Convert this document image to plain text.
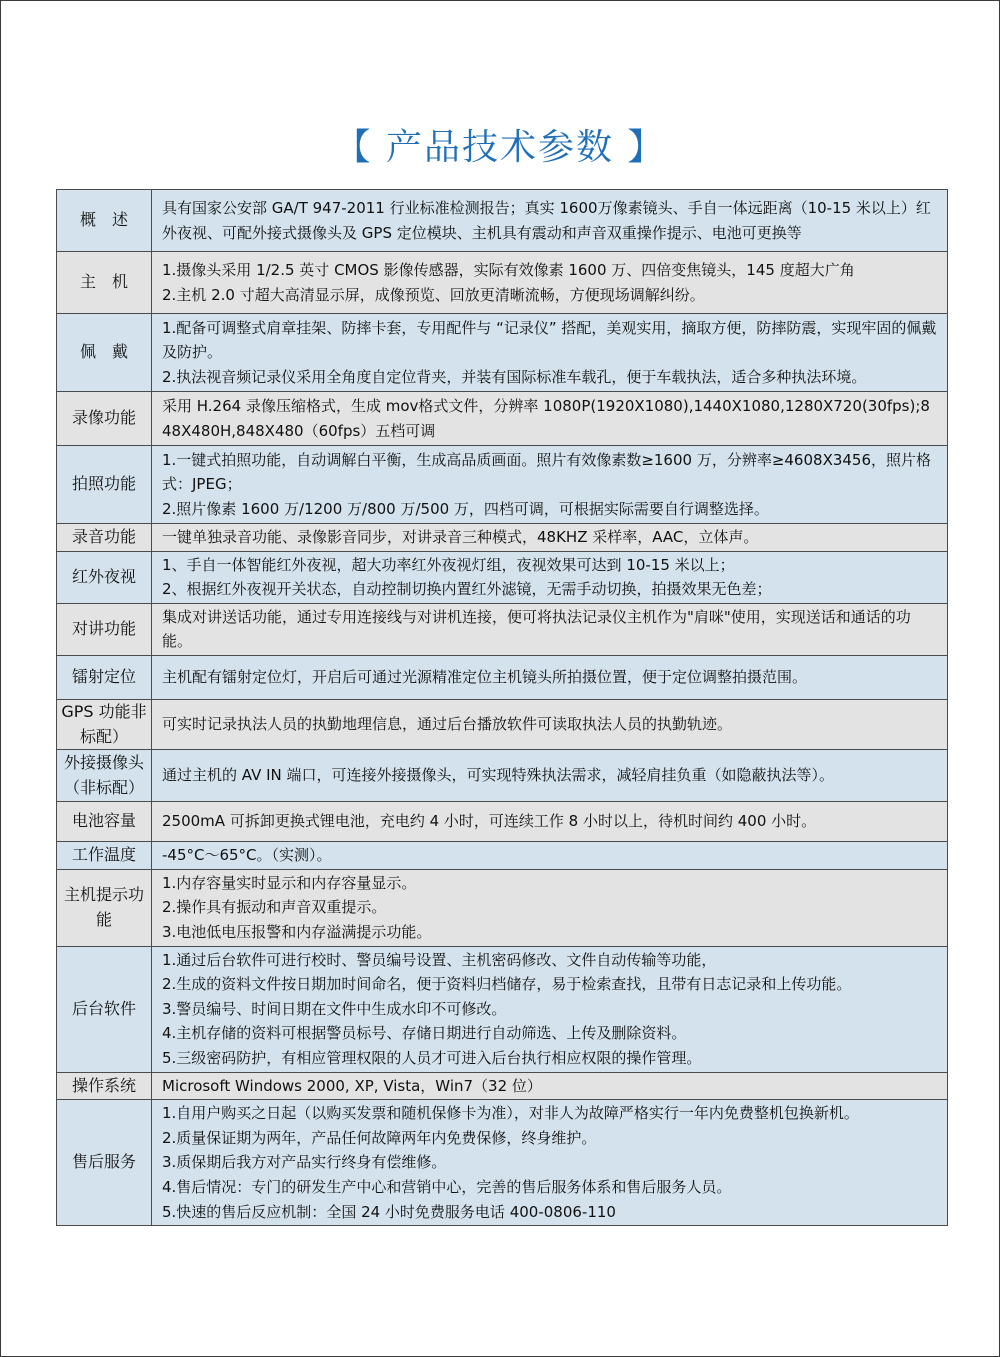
【 产品技术参数 】
概　述	具有国家公安部 GA/T 947-2011 行业标准检测报告；真实 1600万像素镜头、手自一体远距离（10-15 米以上）红外夜视、可配外接式摄像头及 GPS 定位模块、主机具有震动和声音双重操作提示、电池可更换等

主　机	1.摄像头采用 1/2.5 英寸 CMOS 影像传感器，实际有效像素 1600 万、四倍变焦镜头，145 度超大广角
2.主机 2.0 寸超大高清显示屏，成像预览、回放更清晰流畅，方便现场调解纠纷。

佩　戴	1.配备可调整式肩章挂架、防摔卡套，专用配件与 “记录仪” 搭配，美观实用，摘取方便，防摔防震，实现牢固的佩戴及防护。
2.执法视音频记录仪采用全角度自定位背夹，并装有国际标准车载孔，便于车载执法，适合多种执法环境。

录像功能	采用 H.264 录像压缩格式，生成 mov格式文件，分辨率 1080P(1920X1080),1440X1080,1280X720(30fps);848X480H,848X480（60fps）五档可调

拍照功能	1.一键式拍照功能，自动调解白平衡，生成高品质画面。照片有效像素数≥1600 万，分辨率≥4608X3456，照片格式：JPEG；
2.照片像素 1600 万/1200 万/800 万/500 万，四档可调，可根据实际需要自行调整选择。

录音功能	一键单独录音功能、录像影音同步，对讲录音三种模式，48KHZ 采样率，AAC，立体声。

红外夜视	1、手自一体智能红外夜视，超大功率红外夜视灯组，夜视效果可达到 10-15 米以上；
2、根据红外夜视开关状态，自动控制切换内置红外滤镜，无需手动切换，拍摄效果无色差；

对讲功能	集成对讲送话功能，通过专用连接线与对讲机连接，便可将执法记录仪主机作为"肩咪"使用，实现送话和通话的功能。

镭射定位	主机配有镭射定位灯，开启后可通过光源精准定位主机镜头所拍摄位置，便于定位调整拍摄范围。

GPS 功能非标配）	可实时记录执法人员的执勤地理信息，通过后台播放软件可读取执法人员的执勤轨迹。

外接摄像头（非标配）	通过主机的 AV IN 端口，可连接外接摄像头，可实现特殊执法需求，减轻肩挂负重（如隐蔽执法等）。

电池容量	2500mA 可拆卸更换式锂电池，充电约 4 小时，可连续工作 8 小时以上，待机时间约 400 小时。

工作温度	-45°C～65°C。（实测）。

主机提示功能	1.内存容量实时显示和内存容量显示。
2.操作具有振动和声音双重提示。
3.电池低电压报警和内存溢满提示功能。

后台软件	1.通过后台软件可进行校时、警员编号设置、主机密码修改、文件自动传输等功能，
2.生成的资料文件按日期加时间命名，便于资料归档储存，易于检索查找，且带有日志记录和上传功能。
3.警员编号、时间日期在文件中生成水印不可修改。
4.主机存储的资料可根据警员标号、存储日期进行自动筛选、上传及删除资料。
5.三级密码防护，有相应管理权限的人员才可进入后台执行相应权限的操作管理。

操作系统	Microsoft Windows 2000, XP, Vista，Win7（32 位）

售后服务	1.自用户购买之日起（以购买发票和随机保修卡为准），对非人为故障严格实行一年内免费整机包换新机。
2.质量保证期为两年，产品任何故障两年内免费保修，终身维护。
3.质保期后我方对产品实行终身有偿维修。
4.售后情况：专门的研发生产中心和营销中心，完善的售后服务体系和售后服务人员。
5.快速的售后反应机制：全国 24 小时免费服务电话 400-0806-110
